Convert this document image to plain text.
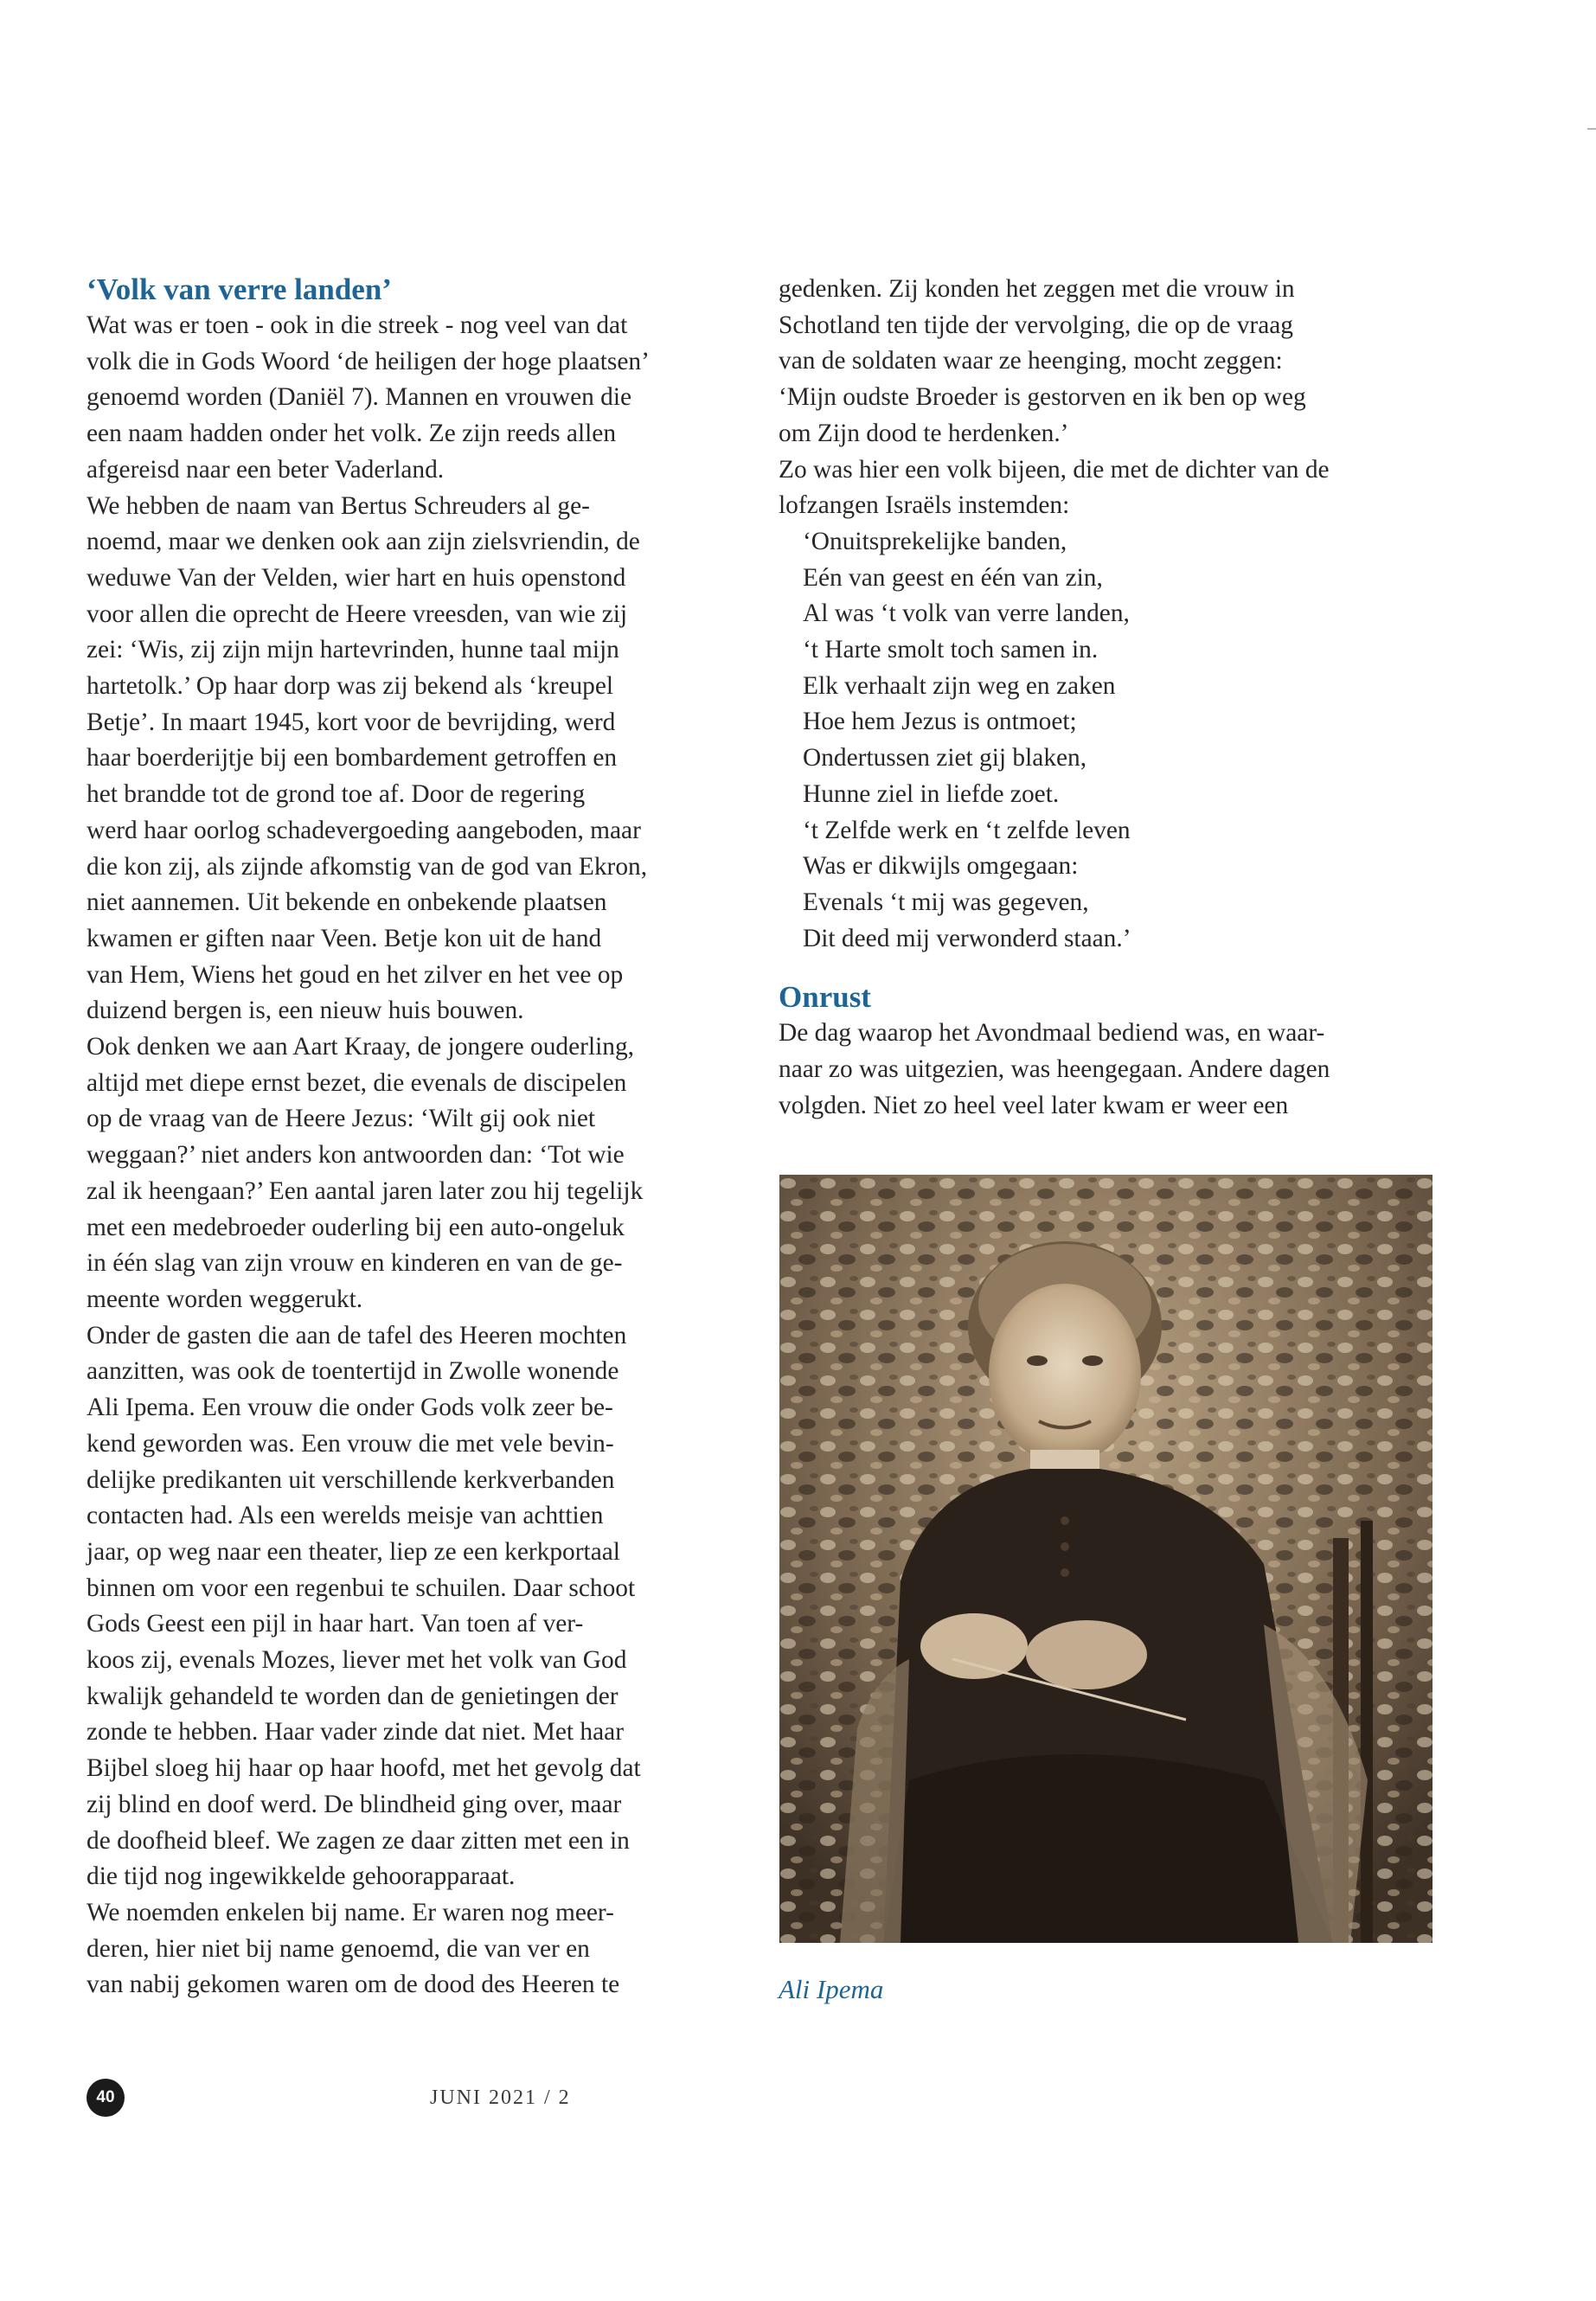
‘Volk van verre landen’
Wat was er toen - ook in die streek - nog veel van dat
volk die in Gods Woord ‘de heiligen der hoge plaatsen’
genoemd worden (Daniël 7). Mannen en vrouwen die
een naam hadden onder het volk. Ze zijn reeds allen
afgereisd naar een beter Vaderland.
We hebben de naam van Bertus Schreuders al ge-
noemd, maar we denken ook aan zijn zielsvriendin, de
weduwe Van der Velden, wier hart en huis openstond
voor allen die oprecht de Heere vreesden, van wie zij
zei: ‘Wis, zij zijn mijn hartevrinden, hunne taal mijn
hartetolk.’ Op haar dorp was zij bekend als ‘kreupel
Betje’. In maart 1945, kort voor de bevrijding, werd
haar boerderijtje bij een bombardement getroffen en
het brandde tot de grond toe af. Door de regering
werd haar oorlog schadevergoeding aangeboden, maar
die kon zij, als zijnde afkomstig van de god van Ekron,
niet aannemen. Uit bekende en onbekende plaatsen
kwamen er giften naar Veen. Betje kon uit de hand
van Hem, Wiens het goud en het zilver en het vee op
duizend bergen is, een nieuw huis bouwen.
Ook denken we aan Aart Kraay, de jongere ouderling,
altijd met diepe ernst bezet, die evenals de discipelen
op de vraag van de Heere Jezus: ‘Wilt gij ook niet
weggaan?’ niet anders kon antwoorden dan: ‘Tot wie
zal ik heengaan?’ Een aantal jaren later zou hij tegelijk
met een medebroeder ouderling bij een auto-ongeluk
in één slag van zijn vrouw en kinderen en van de ge-
meente worden weggerukt.
Onder de gasten die aan de tafel des Heeren mochten
aanzitten, was ook de toentertijd in Zwolle wonende
Ali Ipema. Een vrouw die onder Gods volk zeer be-
kend geworden was. Een vrouw die met vele bevin-
delijke predikanten uit verschillende kerkverbanden
contacten had. Als een werelds meisje van achttien
jaar, op weg naar een theater, liep ze een kerkportaal
binnen om voor een regenbui te schuilen. Daar schoot
Gods Geest een pijl in haar hart. Van toen af ver-
koos zij, evenals Mozes, liever met het volk van God
kwalijk gehandeld te worden dan de genietingen der
zonde te hebben. Haar vader zinde dat niet. Met haar
Bijbel sloeg hij haar op haar hoofd, met het gevolg dat
zij blind en doof werd. De blindheid ging over, maar
de doofheid bleef. We zagen ze daar zitten met een in
die tijd nog ingewikkelde gehoorapparaat.
We noemden enkelen bij name. Er waren nog meer-
deren, hier niet bij name genoemd, die van ver en
van nabij gekomen waren om de dood des Heeren te
gedenken. Zij konden het zeggen met die vrouw in
Schotland ten tijde der vervolging, die op de vraag
van de soldaten waar ze heenging, mocht zeggen:
‘Mijn oudste Broeder is gestorven en ik ben op weg
om Zijn dood te herdenken.’
Zo was hier een volk bijeen, die met de dichter van de
lofzangen Israëls instemden:
‘Onuitsprekelijke banden,
Eén van geest en één van zin,
Al was ‘t volk van verre landen,
‘t Harte smolt toch samen in.
Elk verhaalt zijn weg en zaken
Hoe hem Jezus is ontmoet;
Ondertussen ziet gij blaken,
Hunne ziel in liefde zoet.
‘t Zelfde werk en ‘t zelfde leven
Was er dikwijls omgegaan:
Evenals ‘t mij was gegeven,
Dit deed mij verwonderd staan.’
Onrust
De dag waarop het Avondmaal bediend was, en waar-
naar zo was uitgezien, was heengegaan. Andere dagen
volgden. Niet zo heel veel later kwam er weer een
Ali Ipema
40	JUNI 2021 / 2
